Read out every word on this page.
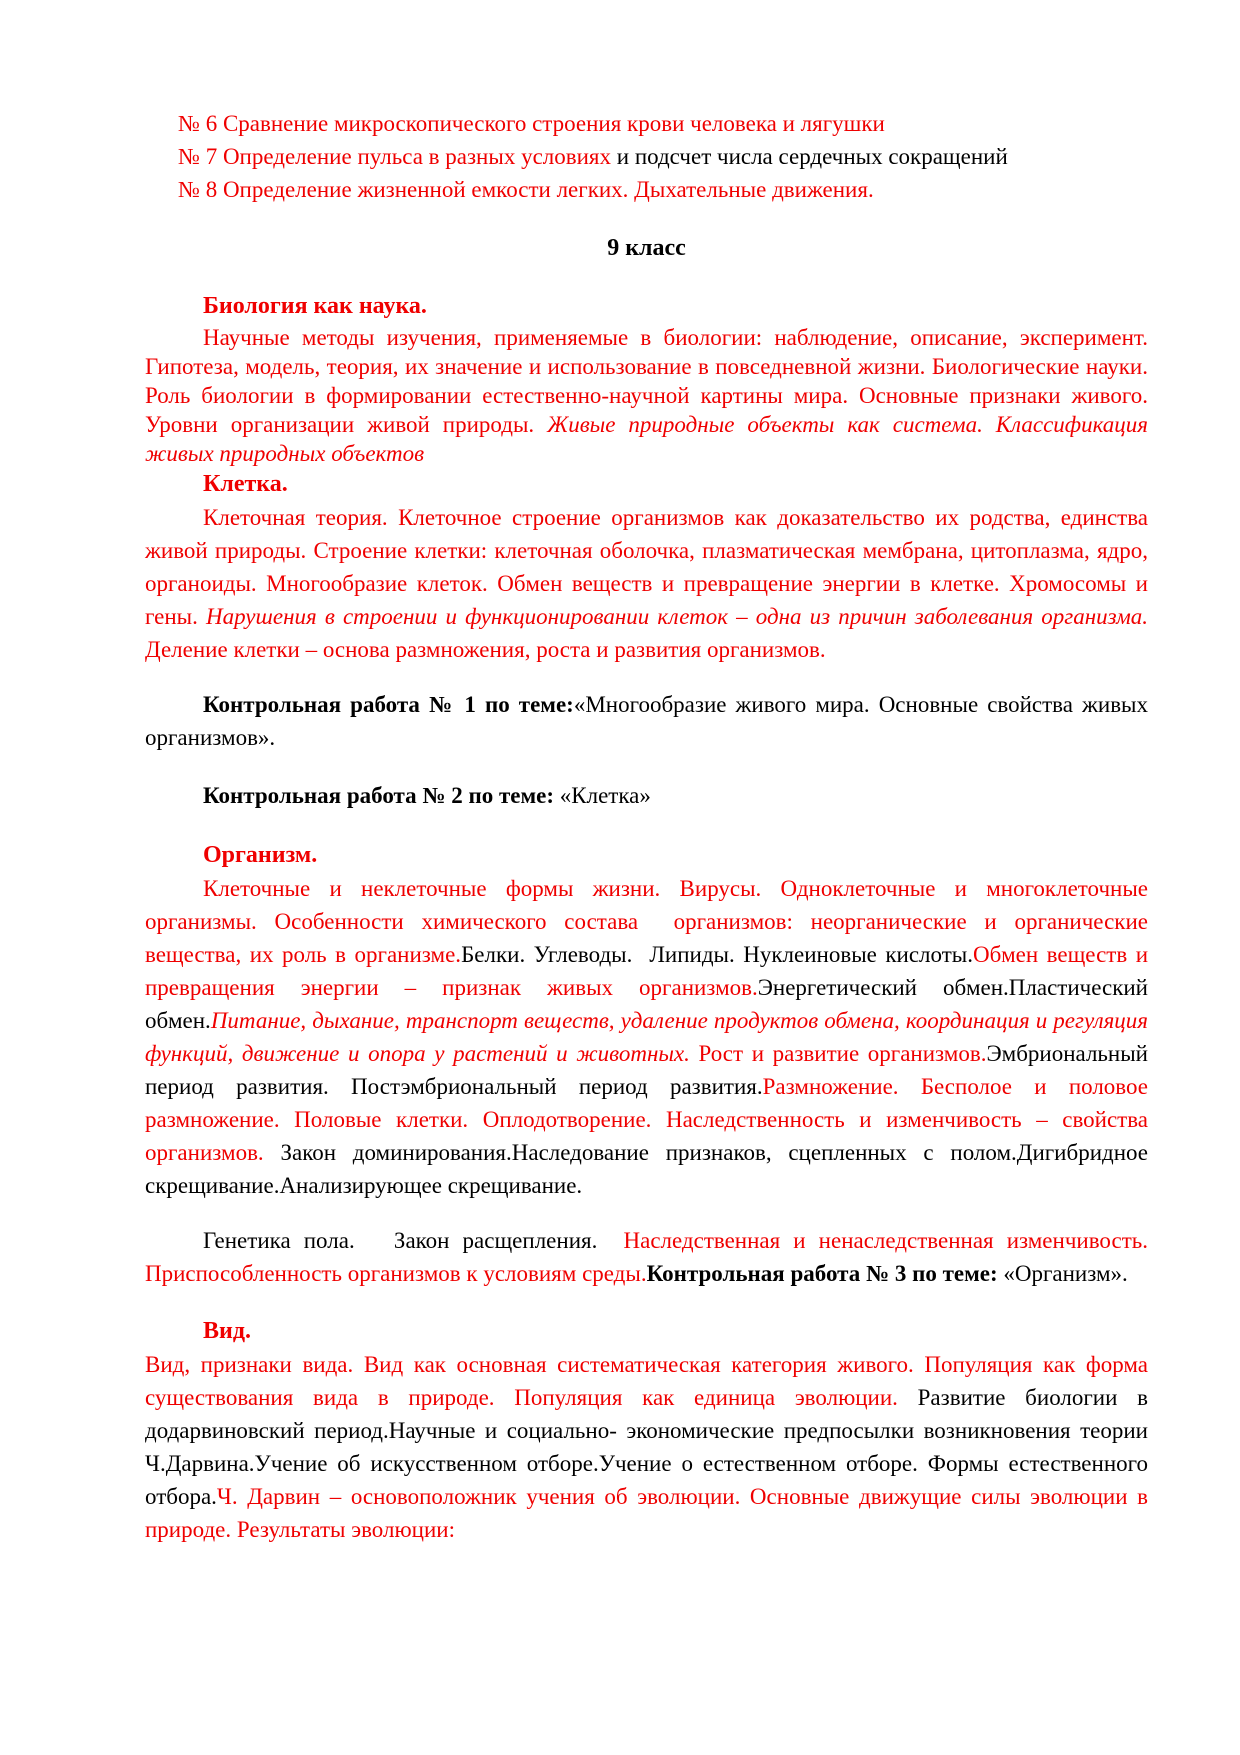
№ 6 Сравнение микроскопического строения крови человека и лягушки

№ 7 Определение пульса в разных условиях и подсчет числа сердечных сокращений

№ 8 Определение жизненной емкости легких. Дыхательные движения.

9 класс

Биология как наука.

Научные методы изучения, применяемые в биологии: наблюдение, описание, эксперимент. Гипотеза, модель, теория, их значение и использование в повседневной жизни. Биологические науки. Роль биологии в формировании естественно-научной картины мира. Основные признаки живого. Уровни организации живой природы. Живые природные объекты как система. Классификация живых природных объектов

Клетка.

Клеточная теория. Клеточное строение организмов как доказательство их родства, единства живой природы. Строение клетки: клеточная оболочка, плазматическая мембрана, цитоплазма, ядро, органоиды. Многообразие клеток. Обмен веществ и превращение энергии в клетке. Хромосомы и гены. Нарушения в строении и функционировании клеток – одна из причин заболевания организма. Деление клетки – основа размножения, роста и развития организмов.

Контрольная работа № 1 по теме:«Многообразие живого мира. Основные свойства живых организмов».

Контрольная работа № 2 по теме: «Клетка»

Организм.

Клеточные и неклеточные формы жизни. Вирусы. Одноклеточные и многоклеточные организмы. Особенности химического состава  организмов: неорганические и органические вещества, их роль в организме.Белки. Углеводы.  Липиды. Нуклеиновые кислоты.Обмен веществ и превращения энергии – признак живых организмов.Энергетический обмен.Пластический обмен.Питание, дыхание, транспорт веществ, удаление продуктов обмена, координация и регуляция функций, движение и опора у растений и животных. Рост и развитие организмов.Эмбриональный период развития. Постэмбриональный период развития.Размножение. Бесполое и половое размножение. Половые клетки. Оплодотворение. Наследственность и изменчивость – свойства организмов. Закон доминирования.Наследование признаков, сцепленных с полом.Дигибридное скрещивание.Анализирующее скрещивание.

Генетика пола.   Закон расщепления.  Наследственная и ненаследственная изменчивость. Приспособленность организмов к условиям среды.Контрольная работа № 3 по теме: «Организм».

Вид.

Вид, признаки вида. Вид как основная систематическая категория живого. Популяция как форма существования вида в природе. Популяция как единица эволюции. Развитие биологии в додарвиновский период.Научные и социально- экономические предпосылки возникновения теории Ч.Дарвина.Учение об искусственном отборе.Учение о естественном отборе. Формы естественного отбора.Ч. Дарвин – основоположник учения об эволюции. Основные движущие силы эволюции в природе. Результаты эволюции:
